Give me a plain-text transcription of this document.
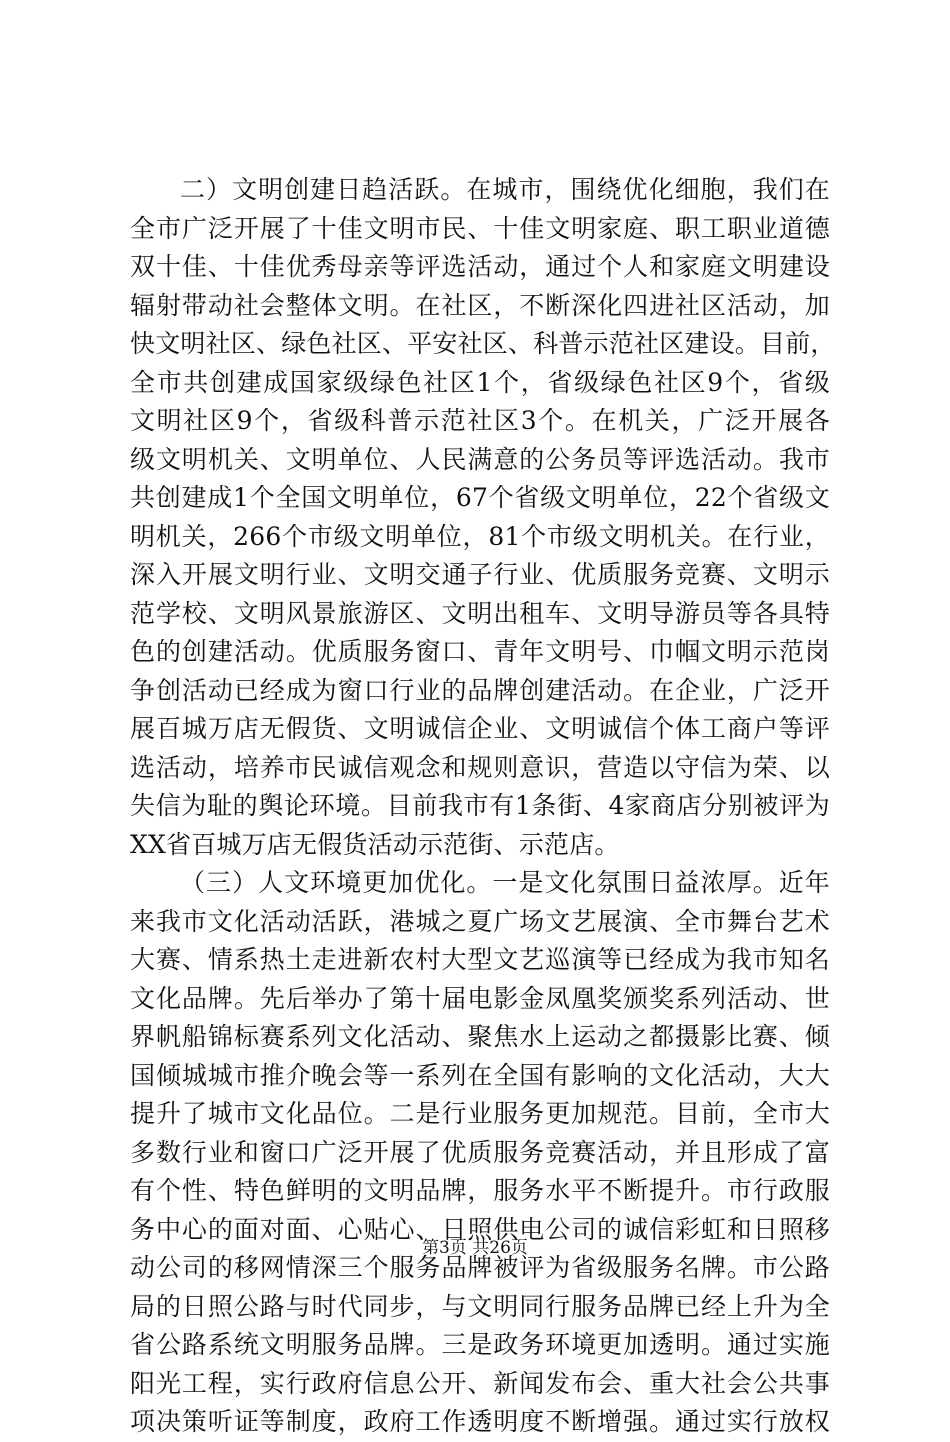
二）文明创建日趋活跃。在城市，围绕优化细胞，我们在
全市广泛开展了十佳文明市民、十佳文明家庭、职工职业道德
双十佳、十佳优秀母亲等评选活动，通过个人和家庭文明建设
辐射带动社会整体文明。在社区，不断深化四进社区活动，加
快文明社区、绿色社区、平安社区、科普示范社区建设。目前，
全市共创建成国家级绿色社区1个，省级绿色社区9个，省级
文明社区9个，省级科普示范社区3个。在机关，广泛开展各
级文明机关、文明单位、人民满意的公务员等评选活动。我市
共创建成1个全国文明单位，67个省级文明单位，22个省级文
明机关，266个市级文明单位，81个市级文明机关。在行业，
深入开展文明行业、文明交通子行业、优质服务竞赛、文明示
范学校、文明风景旅游区、文明出租车、文明导游员等各具特
色的创建活动。优质服务窗口、青年文明号、巾帼文明示范岗
争创活动已经成为窗口行业的品牌创建活动。在企业，广泛开
展百城万店无假货、文明诚信企业、文明诚信个体工商户等评
选活动，培养市民诚信观念和规则意识，营造以守信为荣、以
失信为耻的舆论环境。目前我市有1条街、4家商店分别被评为
XX省百城万店无假货活动示范街、示范店。
（三）人文环境更加优化。一是文化氛围日益浓厚。近年
来我市文化活动活跃，港城之夏广场文艺展演、全市舞台艺术
大赛、情系热土走进新农村大型文艺巡演等已经成为我市知名
文化品牌。先后举办了第十届电影金凤凰奖颁奖系列活动、世
界帆船锦标赛系列文化活动、聚焦水上运动之都摄影比赛、倾
国倾城城市推介晚会等一系列在全国有影响的文化活动，大大
提升了城市文化品位。二是行业服务更加规范。目前，全市大
多数行业和窗口广泛开展了优质服务竞赛活动，并且形成了富
有个性、特色鲜明的文明品牌，服务水平不断提升。市行政服
务中心的面对面、心贴心、日照供电公司的诚信彩虹和日照移
动公司的移网情深三个服务品牌被评为省级服务名牌。市公路
局的日照公路与时代同步，与文明同行服务品牌已经上升为全
省公路系统文明服务品牌。三是政务环境更加透明。通过实施
阳光工程，实行政府信息公开、新闻发布会、重大社会公共事
项决策听证等制度，政府工作透明度不断增强。通过实行放权
第3页 共26页
